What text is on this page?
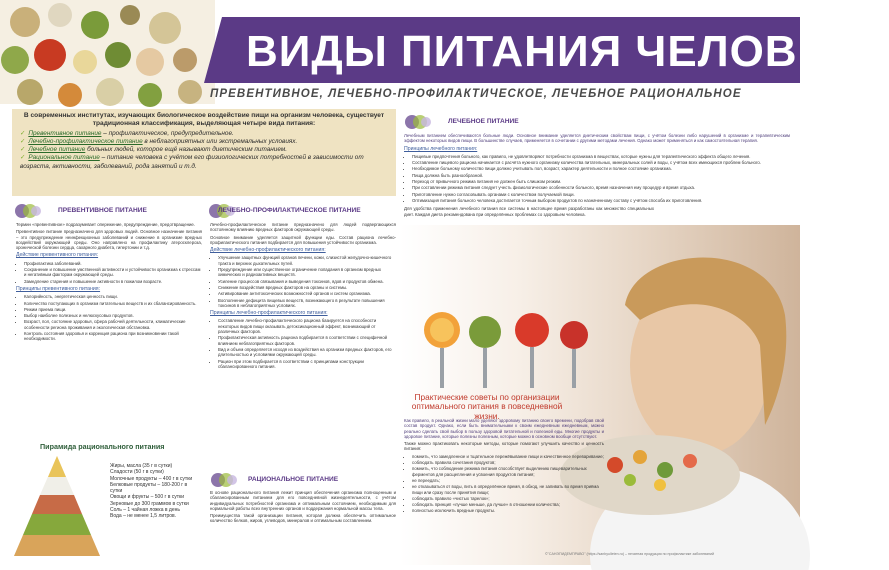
ВИДЫ ПИТАНИЯ ЧЕЛОВЕКА
ПРЕВЕНТИВНОЕ, ЛЕЧЕБНО-ПРОФИЛАКТИЧЕСКОЕ, ЛЕЧЕБНОЕ РАЦИОНАЛЬНОЕ

В современных институтах, изучающих биологическое воздействие пищи на организм человека, существует традиционная классификация, выделяющая четыре вида питания:

✓ Превентивное питание – профилактическое, предупредительное.
✓ Лечебно-профилактическое питание в неблагоприятных или экстремальных условиях.
✓ Лечебное питание больных людей, которое ещё называют диетическим питанием.
✓ Рациональное питание – питание человека с учётом его физиологических потребностей в зависимости от возраста, активности, заболеваний, рода занятий и т.д.
ПРЕВЕНТИВНОЕ ПИТАНИЕ

Термин «превентивное» подразумевает опережение, предупреждение, предотвращение.

Превентивное питание предназначено для здоровых людей. Основное назначение питания – это предупреждение неинфекционных заболеваний и снижение в организме вредных воздействий окружающей среды. Оно направлено на профилактику атеросклероза, хронической болезни сердца, сахарного диабета, гипертонии и т.д.

Действие превентивного питания:
• Профилактика заболеваний.
• Сохранение и повышение умственной активности и устойчивости организма к стрессам и негативным факторам окружающей среды.
• Замедление старения и повышение активности в пожилом возрасте.
Принципы превентивного питания:
• Калорийность, энергетическая ценность пищи.
• Количество поступающих в организм питательных веществ и их сбалансированность.
• Режим приема пищи.
• Выбор наиболее полезных и нелюскусовых продуктов.
• Возраст, пол, состояние здоровья, сфера рабочей деятельности, климатические особенности региона проживания и экологическая обстановка.
• Контроль состояния здоровья и коррекция рациона при возникновении такой необходимости.
Пирамида рационального питания
Жиры, масла (35 г в сутки)
Сладости (50 г в сутки)
Молочные продукты – 400 г в сутки
Белковые продукты – 180-200 г в сутки
Овощи и фрукты – 500 г в сутки
Зерновые до 300 граммов в сутки
Соль – 1 чайная ложка в день
Вода – не менее 1,5 литров.
ЛЕЧЕБНО-ПРОФИЛАКТИЧЕСКОЕ ПИТАНИЕ

Лечебно-профилактическое питание предназначено для людей подвергающихся постоянному влиянию вредных факторов окружающей среды.

Основное внимание уделяется защитной функции еды. Состав рациона лечебно-профилактического питания подбирается для повышения устойчивости организма.

Действие лечебно-профилактического питания:
• Улучшение защитных функций органов печени, кожи, слизистой желудочно-кишечного тракта и верхних дыхательных путей.
• Предупреждение или существенное ограничение попадания в организм вредных химических и радиоактивных веществ.
• Усиление процессов связывания и выведения токсинов, ядов и продуктов обмена.
• Снижение воздействия вредных факторов на органы и системы.
• Активирование антитоксических возможностей органов и систем организма.
• Восполнение дефицита пищевых веществ, возникающего в результате повышения токсинов в неблагоприятных условиях.
Принципы лечебно-профилактического питания:
• Составление лечебно-профилактического рациона базируется на способности некоторых видов пищи оказывать детоксикационный эффект, возникающий от различных факторов.
• Профилактическая активность рациона подбирается в соответствии с специфичной влиянием неблагоприятных факторов.
• Вид и объем определяется исходя из воздействия на организм вредных факторов, его длительностью и условиями окружающей среды.
• Рацион при этом подбирается в соответствии с принципами конструкции сбалансированного питания.
РАЦИОНАЛЬНОЕ ПИТАНИЕ

В основе рационального питания лежит принцип обеспечения организма полноценным и сбалансированным питанием для его повседневной жизнедеятельности, с учётом индивидуальных потребностей организма и оптимальным состоянием, необходимым для нормальной работы всех внутренних органов и поддержания нормальной массы тела.

Преимущества такой организации питания, которая должна обеспечить оптимальное количество белков, жиров, углеводов, минералов и оптимальным составлением.

ЛЕЧЕБНОЕ ПИТАНИЕ

Лечебным питанием обеспечиваются больные люди. Основное внимание уделяется диетическим свойствам пищи, с учётом болезни либо нарушений в организме и терапевтическим эффектом некоторых видов пищи. В большинстве случаев, применяется в сочетании с другими методами лечения. Однако может применяться и как самостоятельная терапия.

Принципы лечебного питания:
• Пищевые предпочтения больного, как правило, не удовлетворяют потребности организма в веществах, которые нужны для терапевтического эффекта общего лечения.
• Составление пищевого рациона начинается с расчёта нужного организму количества питательных, минеральных солей и воды, с учётом всех имеющихся проблем больного.
• Необходимое больному количество пищи должно учитывать пол, возраст, характер деятельности и полное состояние организма.
• Пища должна быть разнообразной.
• Переход от привычного режима питания не должен быть слишком резким.
• При составлении режима питания следует учесть физиологические особенности больного, время назначения ему процедур и время отдыха.
• Приготовление нужно согласовывать органами с количеством получаемой пищи.
• Оптимизация питания больного человека достигается точным выбором продуктов по назначенному составу с учётом способа их приготовления.

Для удобства применения лечебного питания все системы в настоящее время разработаны как множество специальных диет. Каждая диета рекомендована при определённых проблемах со здоровьем человека.

Практические советы по организации оптимального питания в повседневной жизни.

Как правило, в реальной жизни мало уделяют здоровому питанию своего времени, подобрав свой состав продукт. Однако, если быть внимательными к своим ежедневным ежедневным, можно реально сделать свой выбор в пользу здоровой питательной и полезной еды. Многие продукты и здоровое питание, которые полезны полезным, которые можно в основном вообще отсутствуют.

Также можно практиковать некоторые методы, которые помогают улучшить качество и ценность питания:

• помнить, что замедленное и тщательное пережёвывание пищи и качественное переваривание;
• соблюдать правила сочетания продуктов;
• помнить, что соблюдение режима питания способствует выделению пищеварительных ферментов для расщепления и усвоения продуктов питания;
• не переедать;
• не отказываться от воды, пить в определённое время, в обход, не запивать во время приёма пищи или сразу после принятия пищи;
• соблюдать правило «чистых тарелок»;
• соблюдать принцип «лучше меньше, да лучше» в отношении количества;
• полностью исключить вредные продукты.
©"САНЭПИДЕМПРАВО" (https://sanbyulleten.ru) – печатная продукция по профилактике заболеваний
